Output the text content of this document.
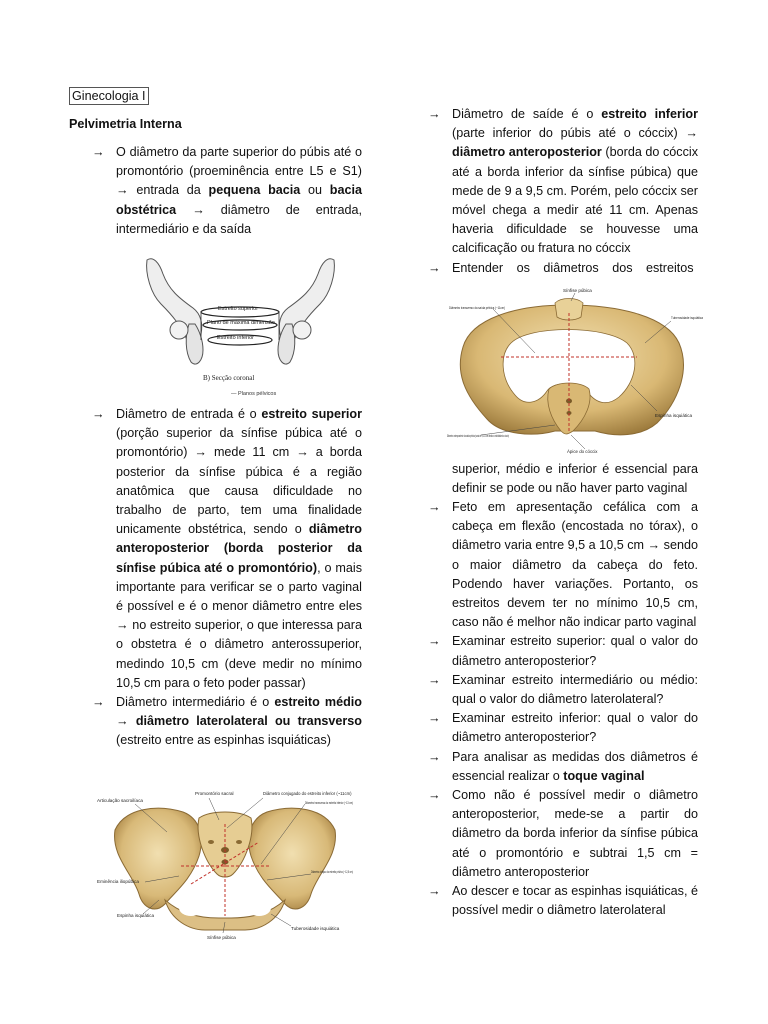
Ginecologia I
Pelvimetria Interna
→ O diâmetro da parte superior do púbis até o promontório (proeminência entre L5 e S1) → entrada da pequena bacia ou bacia obstétrica → diâmetro de entrada, intermediário e da saída
Estreito superior
Plano de máxima dimensão
Estreito inferior
B) Secção coronal
— Planos pélvicos
→ Diâmetro de entrada é o estreito superior (porção superior da sínfise púbica até o promontório) → mede 11 cm → a borda posterior da sínfise púbica é a região anatômica que causa dificuldade no trabalho de parto, tem uma finalidade unicamente obstétrica, sendo o diâmetro anteroposterior (borda posterior da sínfise púbica até o promontório), o mais importante para verificar se o parto vaginal é possível e é o menor diâmetro entre eles → no estreito superior, o que interessa para o obstetra é o diâmetro anterossuperior, medindo 10,5 cm (deve medir no mínimo 10,5 cm para o feto poder passar)
→ Diâmetro intermediário é o estreito médio → diâmetro laterolateral ou transverso (estreito entre as espinhas isquiáticas)
Promontório sacral	Diâmetro conjugado do estreito inferior (~11cm)
Diâmetro transverso do estreito inferior (~13 cm)
Articulação sacroilíaca
Eminência iliopúbica
Espinha isquiática
Diâmetro oblíquo do estreito pélvico (~12,5 cm)
Sínfise púbica
Tuberosidade isquiática
→ Diâmetro de saíde é o estreito inferior (parte inferior do púbis até o cóccix) → diâmetro anteroposterior (borda do cóccix até a borda inferior da sínfise púbica) que mede de 9 a 9,5 cm. Porém, pelo cóccix ser móvel chega a medir até 11 cm. Apenas haveria dificuldade se houvesse uma calcificação ou fratura no cóccix
→ Entender os diâmetros dos estreitos
Sínfise púbica
Diâmetro transverso da saída pélvica (~11cm)
Tuberosidade isquiática
Espinha isquiática
Diâmetro anteroposterior da saída pélvica (varia de 9,5-11 cm devido a mobilidade do cóccix)
Ápice do cóccix
superior, médio e inferior é essencial para definir se pode ou não haver parto vaginal
→ Feto em apresentação cefálica com a cabeça em flexão (encostada no tórax), o diâmetro varia entre 9,5 a 10,5 cm → sendo o maior diâmetro da cabeça do feto. Podendo haver variações. Portanto, os estreitos devem ter no mínimo 10,5 cm, caso não é melhor não indicar parto vaginal
→ Examinar estreito superior: qual o valor do diâmetro anteroposterior?
→ Examinar estreito intermediário ou médio: qual o valor do diâmetro laterolateral?
→ Examinar estreito inferior: qual o valor do diâmetro anteroposterior?
→ Para analisar as medidas dos diâmetros é essencial realizar o toque vaginal
→ Como não é possível medir o diâmetro anteroposterior, mede-se a partir do diâmetro da borda inferior da sínfise púbica até o promontório e subtrai 1,5 cm = diâmetro anteroposterior
→ Ao descer e tocar as espinhas isquiáticas, é possível medir o diâmetro laterolateral
